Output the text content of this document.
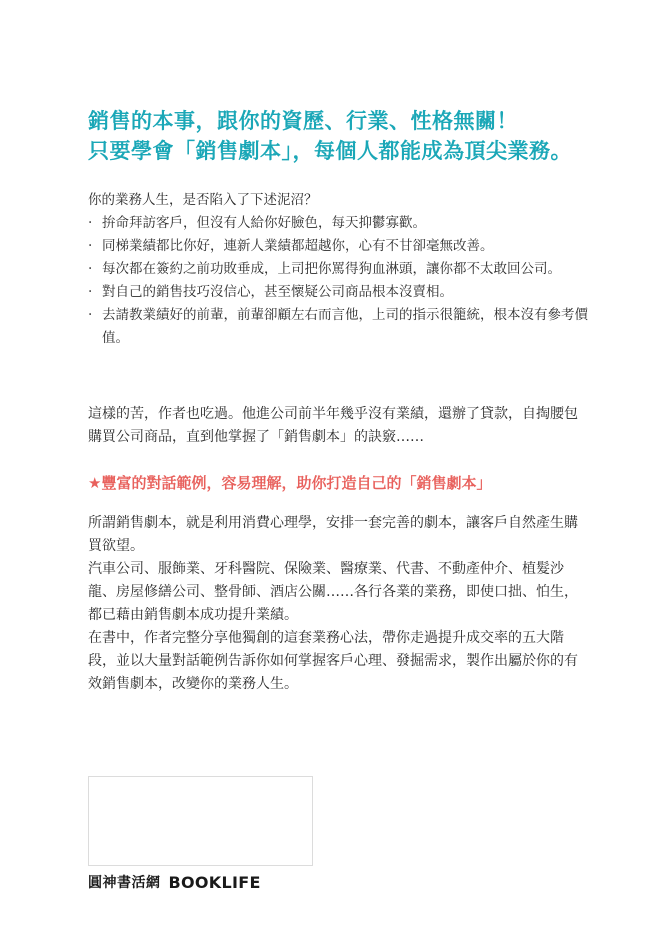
銷售的本事，跟你的資歷、行業、性格無關！
只要學會「銷售劇本」，每個人都能成為頂尖業務。
你的業務人生，是否陷入了下述泥沼？
‧ 拚命拜訪客戶，但沒有人給你好臉色，每天抑鬱寡歡。
‧ 同梯業績都比你好，連新人業績都超越你，心有不甘卻毫無改善。
‧ 每次都在簽約之前功敗垂成，上司把你罵得狗血淋頭，讓你都不太敢回公司。
‧ 對自己的銷售技巧沒信心，甚至懷疑公司商品根本沒賣相。
‧ 去請教業績好的前輩，前輩卻顧左右而言他，上司的指示很籠統，根本沒有參考價值。

這樣的苦，作者也吃過。他進公司前半年幾乎沒有業績，還辦了貸款，自掏腰包購買公司商品，直到他掌握了「銷售劇本」的訣竅……

★豐富的對話範例，容易理解，助你打造自己的「銷售劇本」

所謂銷售劇本，就是利用消費心理學，安排一套完善的劇本，讓客戶自然產生購買欲望。

汽車公司、服飾業、牙科醫院、保險業、醫療業、代書、不動產仲介、植髮沙龍、房屋修繕公司、整骨師、酒店公關……各行各業的業務，即使口拙、怕生，都已藉由銷售劇本成功提升業績。

在書中，作者完整分享他獨創的這套業務心法，帶你走過提升成交率的五大階段，並以大量對話範例告訴你如何掌握客戶心理、發掘需求，製作出屬於你的有效銷售劇本，改變你的業務人生。

圓神書活網 BOOKLIFE
